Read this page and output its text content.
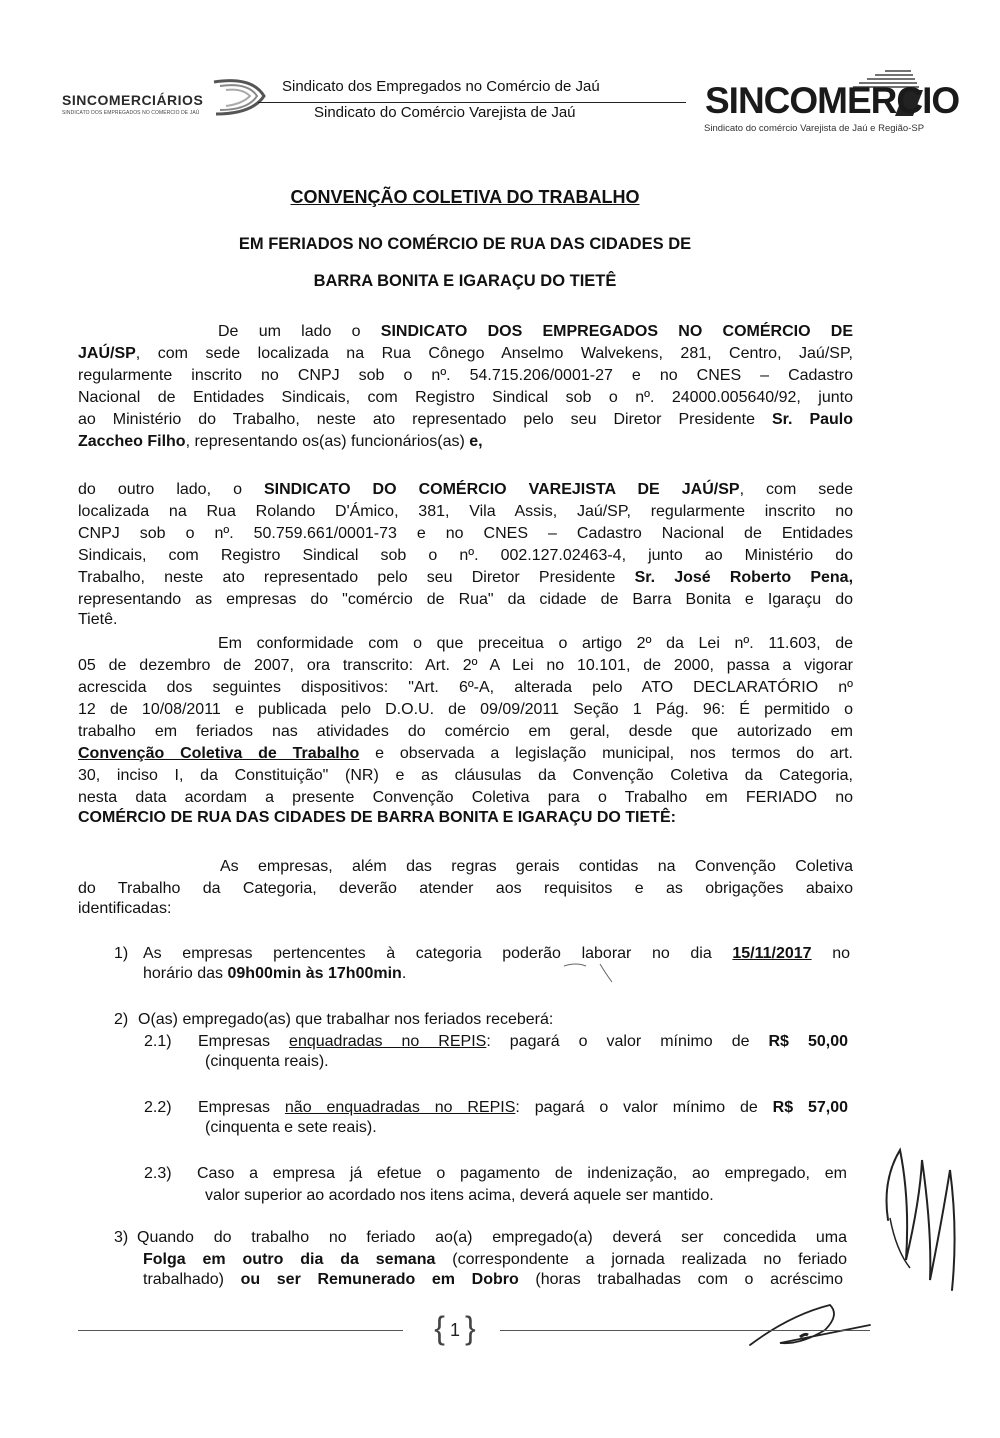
SINCOMERCIÁRIOS
SINDICATO DOS EMPREGADOS NO COMÉRCIO DE JAÚ
Sindicato dos Empregados no Comércio de Jaú
Sindicato do Comércio Varejista de Jaú	SINCOMERCIO
Sindicato do comércio Varejista de Jaú e Região-SP
CONVENÇÃO COLETIVA DO TRABALHO
EM FERIADOS NO COMÉRCIO DE RUA DAS CIDADES DE
BARRA BONITA E IGARAÇU DO TIETÊ
De um lado o SINDICATO DOS EMPREGADOS NO COMÉRCIO DE
JAÚ/SP, com sede localizada na Rua Cônego Anselmo Walvekens, 281, Centro, Jaú/SP,
regularmente inscrito no CNPJ sob o nº. 54.715.206/0001-27 e no CNES – Cadastro
Nacional de Entidades Sindicais, com Registro Sindical sob o nº. 24000.005640/92, junto
ao Ministério do Trabalho, neste ato representado pelo seu Diretor Presidente Sr. Paulo
Zaccheo Filho, representando os(as) funcionários(as) e,
do outro lado, o SINDICATO DO COMÉRCIO VAREJISTA DE JAÚ/SP, com sede
localizada na Rua Rolando D'Ámico, 381, Vila Assis, Jaú/SP, regularmente inscrito no
CNPJ sob o nº. 50.759.661/0001-73 e no CNES – Cadastro Nacional de Entidades
Sindicais, com Registro Sindical sob o nº. 002.127.02463-4, junto ao Ministério do
Trabalho, neste ato representado pelo seu Diretor Presidente Sr. José Roberto Pena,
representando as empresas do "comércio de Rua" da cidade de Barra Bonita e Igaraçu do
Tietê.
Em conformidade com o que preceitua o artigo 2º da Lei nº. 11.603, de
05 de dezembro de 2007, ora transcrito: Art. 2º A Lei no 10.101, de 2000, passa a vigorar
acrescida dos seguintes dispositivos: "Art. 6º-A, alterada pelo ATO DECLARATÓRIO nº
12 de 10/08/2011 e publicada pelo D.O.U. de 09/09/2011 Seção 1 Pág. 96: É permitido o
trabalho em feriados nas atividades do comércio em geral, desde que autorizado em
Convenção Coletiva de Trabalho e observada a legislação municipal, nos termos do art.
30, inciso I, da Constituição" (NR) e as cláusulas da Convenção Coletiva da Categoria,
nesta data acordam a presente Convenção Coletiva para o Trabalho em FERIADO no
COMÉRCIO DE RUA DAS CIDADES DE BARRA BONITA E IGARAÇU DO TIETÊ:
As empresas, além das regras gerais contidas na Convenção Coletiva
do Trabalho da Categoria, deverão atender aos requisitos e as obrigações abaixo
identificadas:
1) As empresas pertencentes à categoria poderão laborar no dia 15/11/2017 no
horário das 09h00min às 17h00min.
2) O(as) empregado(as) que trabalhar nos feriados receberá:
2.1) Empresas enquadradas no REPIS: pagará o valor mínimo de R$ 50,00
(cinquenta reais).
2.2) Empresas não enquadradas no REPIS: pagará o valor mínimo de R$ 57,00
(cinquenta e sete reais).
2.3) Caso a empresa já efetue o pagamento de indenização, ao empregado, em
valor superior ao acordado nos itens acima, deverá aquele ser mantido.
3) Quando do trabalho no feriado ao(a) empregado(a) deverá ser concedida uma
Folga em outro dia da semana (correspondente a jornada realizada no feriado
trabalhado) ou ser Remunerado em Dobro (horas trabalhadas com o acréscimo
{ 1 }
